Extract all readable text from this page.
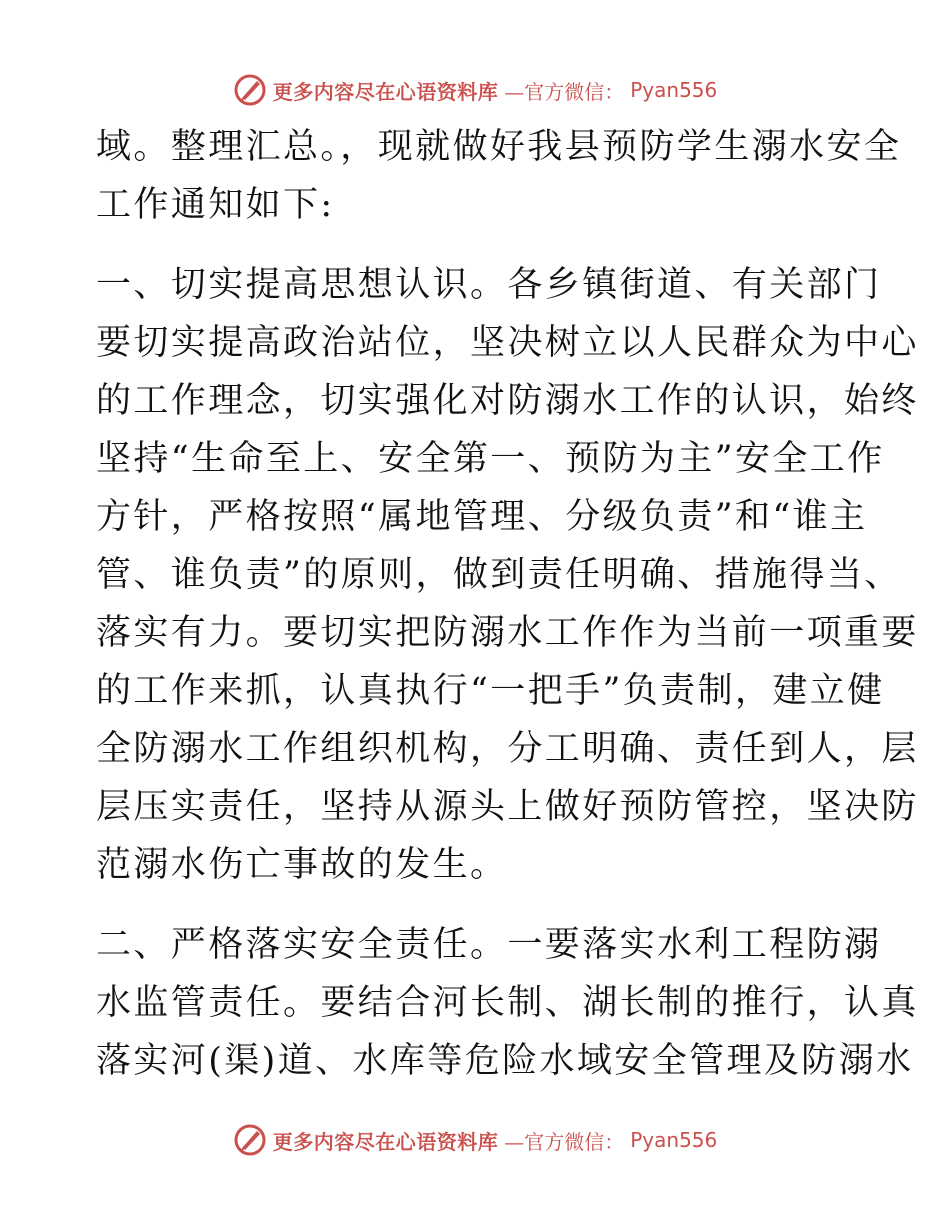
更多内容尽在心语资料库 —官方微信： Pyan556
域。整理汇总。，现就做好我县预防学生溺水安全
工作通知如下:
一、切实提高思想认识。各乡镇街道、有关部门
要切实提高政治站位，坚决树立以人民群众为中心
的工作理念，切实强化对防溺水工作的认识，始终
坚持“生命至上、安全第一、预防为主”安全工作
方针，严格按照“属地管理、分级负责”和“谁主
管、谁负责”的原则，做到责任明确、措施得当、
落实有力。要切实把防溺水工作作为当前一项重要
的工作来抓，认真执行“一把手”负责制，建立健
全防溺水工作组织机构，分工明确、责任到人，层
层压实责任，坚持从源头上做好预防管控，坚决防
范溺水伤亡事故的发生。
二、严格落实安全责任。一要落实水利工程防溺
水监管责任。要结合河长制、湖长制的推行，认真
落实河(渠)道、水库等危险水域安全管理及防溺水
更多内容尽在心语资料库 —官方微信： Pyan556
